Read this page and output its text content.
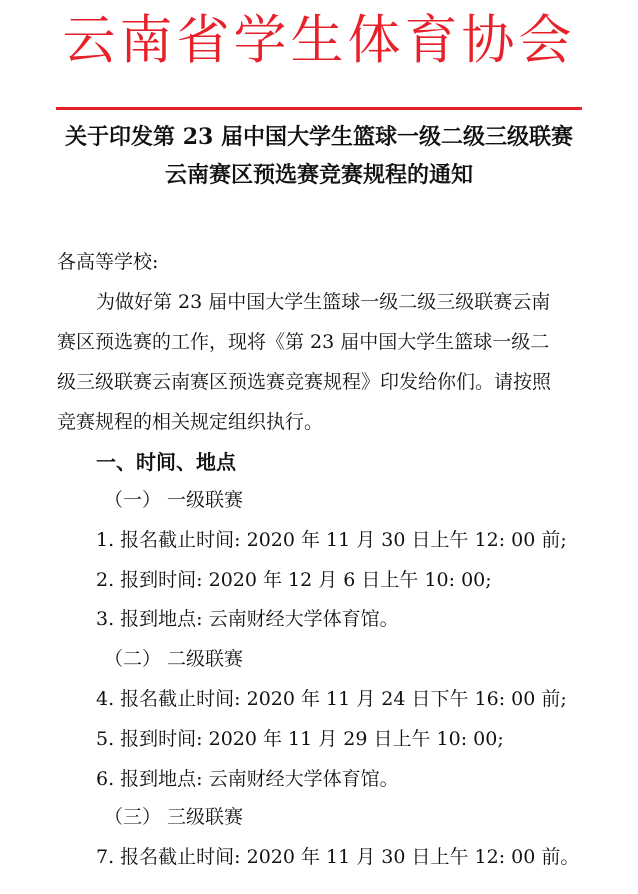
云南省学生体育协会
关于印发第 23 届中国大学生篮球一级二级三级联赛
云南赛区预选赛竞赛规程的通知
各高等学校:
为做好第 23 届中国大学生篮球一级二级三级联赛云南
赛区预选赛的工作，现将《第 23 届中国大学生篮球一级二
级三级联赛云南赛区预选赛竞赛规程》印发给你们。请按照
竞赛规程的相关规定组织执行。
一、时间、地点
（一） 一级联赛
1. 报名截止时间: 2020 年 11 月 30 日上午 12: 00 前;
2. 报到时间: 2020 年 12 月 6 日上午 10: 00;
3. 报到地点: 云南财经大学体育馆。
（二） 二级联赛
4. 报名截止时间: 2020 年 11 月 24 日下午 16: 00 前;
5. 报到时间: 2020 年 11 月 29 日上午 10: 00;
6. 报到地点: 云南财经大学体育馆。
（三） 三级联赛
7. 报名截止时间: 2020 年 11 月 30 日上午 12: 00 前。
